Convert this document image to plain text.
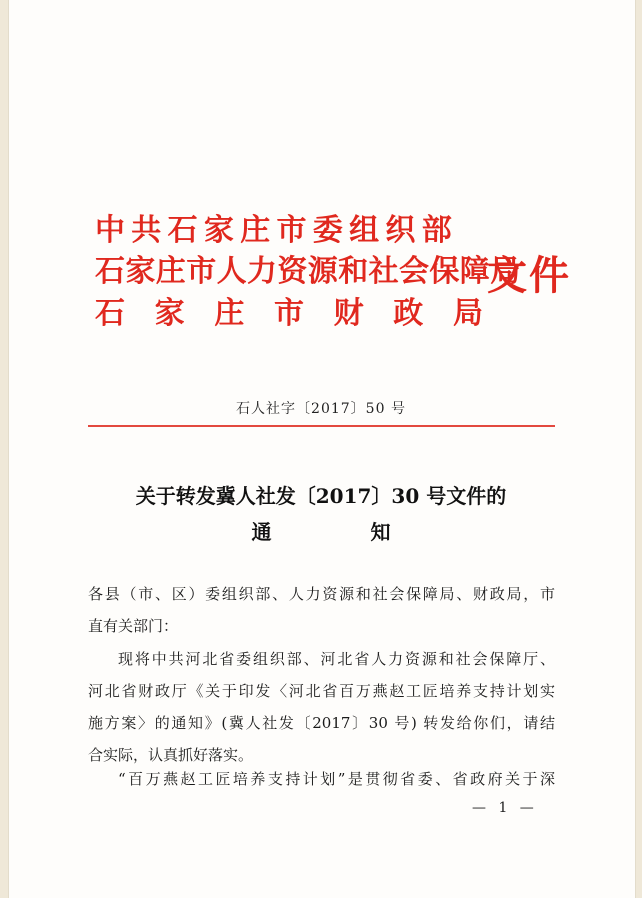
中共石家庄市委组织部
石家庄市人力资源和社会保障局
石 家 庄 市 财 政 局
文件
石人社字〔2017〕50 号
关于转发冀人社发〔2017〕30 号文件的
通知
各县（市、区）委组织部、人力资源和社会保障局、财政局，市
直有关部门：
现将中共河北省委组织部、河北省人力资源和社会保障厅、
河北省财政厅《关于印发〈河北省百万燕赵工匠培养支持计划实
施方案〉的通知》(冀人社发〔2017〕30 号) 转发给你们，请结
合实际，认真抓好落实。
“百万燕赵工匠培养支持计划”是贯彻省委、省政府关于深
— 1 —
